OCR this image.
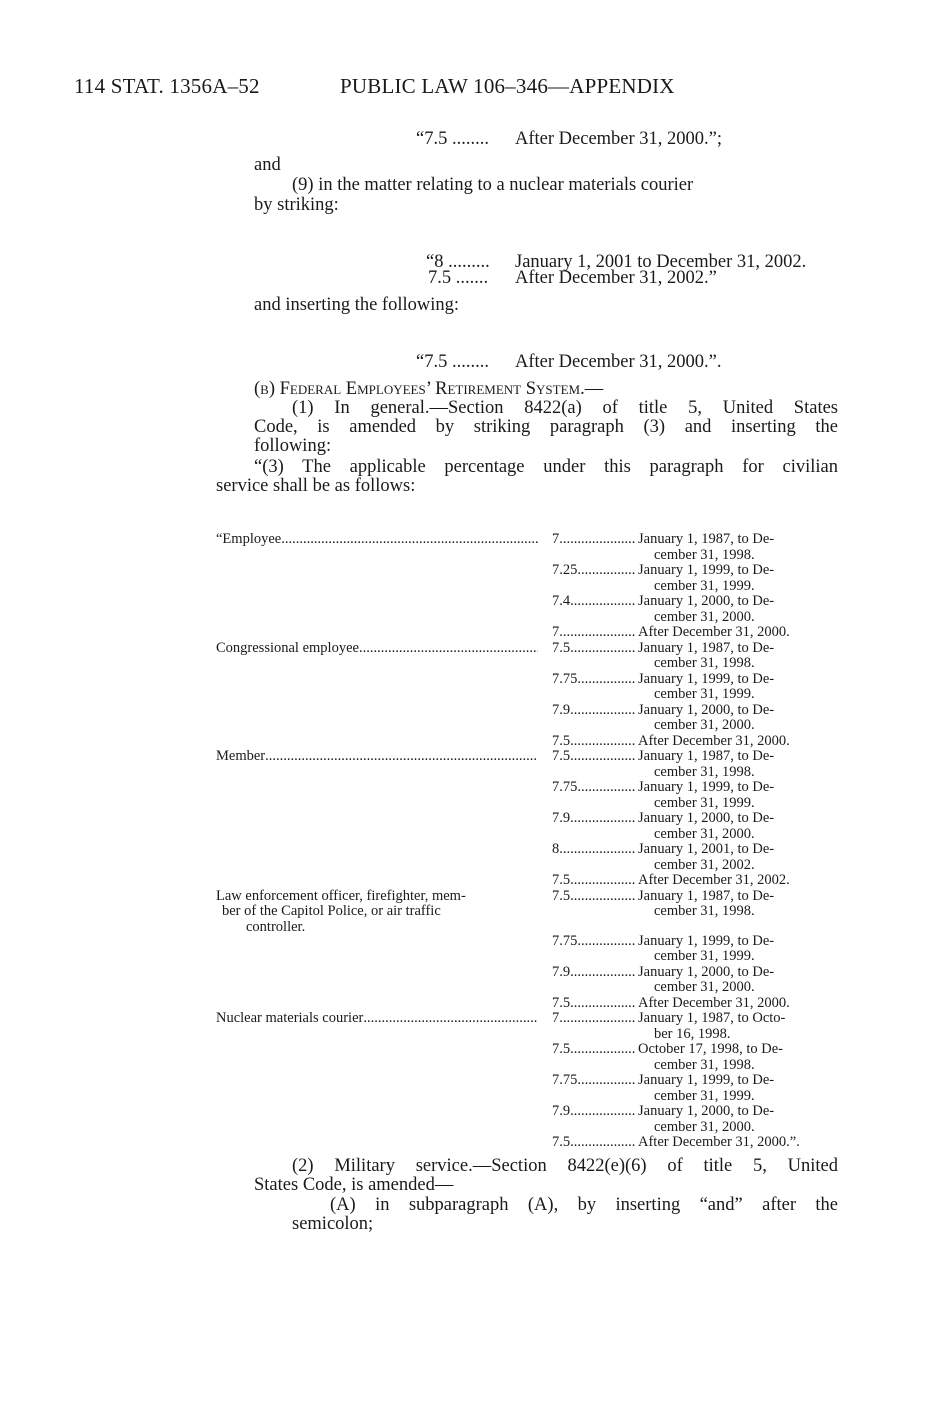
114 STAT. 1356A–52	PUBLIC LAW 106–346—APPENDIX
“7.5 ........ After December 31, 2000.”;
and
(9) in the matter relating to a nuclear materials courier
by striking:
“8 ......... January 1, 2001 to December 31, 2002.
7.5 ....... After December 31, 2002.”
and inserting the following:
“7.5 ........ After December 31, 2000.”.
(b) Federal Employees’ Retirement System.—
(1) In general.—Section 8422(a) of title 5, United States
Code, is amended by striking paragraph (3) and inserting the
following:
“(3) The applicable percentage under this paragraph for civilian
service shall be as follows:
“Employee .....	7 .....	January 1, 1987, to De-
cember 31, 1998.
7.25 .....	January 1, 1999, to De-
cember 31, 1999.
7.4 .....	January 1, 2000, to De-
cember 31, 2000.
7 .....	After December 31, 2000.
Congressional employee .....	7.5 .....	January 1, 1987, to De-
cember 31, 1998.
7.75 .....	January 1, 1999, to De-
cember 31, 1999.
7.9 .....	January 1, 2000, to De-
cember 31, 2000.
7.5 .....	After December 31, 2000.
Member .....	7.5 .....	January 1, 1987, to De-
cember 31, 1998.
7.75 .....	January 1, 1999, to De-
cember 31, 1999.
7.9 .....	January 1, 2000, to De-
cember 31, 2000.
8 .....	January 1, 2001, to De-
cember 31, 2002.
7.5 .....	After December 31, 2002.
Law enforcement officer, firefighter, mem-
ber of the Capitol Police, or air traffic
controller.
7.5 .....	January 1, 1987, to De-
cember 31, 1998.
7.75 .....	January 1, 1999, to De-
cember 31, 1999.
7.9 .....	January 1, 2000, to De-
cember 31, 2000.
7.5 .....	After December 31, 2000.
Nuclear materials courier .....	7 .....	January 1, 1987, to Octo-
ber 16, 1998.
7.5 .....	October 17, 1998, to De-
cember 31, 1998.
7.75 .....	January 1, 1999, to De-
cember 31, 1999.
7.9 .....	January 1, 2000, to De-
cember 31, 2000.
7.5 .....	After December 31, 2000.”.
(2) Military service.—Section 8422(e)(6) of title 5, United
States Code, is amended—
(A) in subparagraph (A), by inserting “and” after the
semicolon;
